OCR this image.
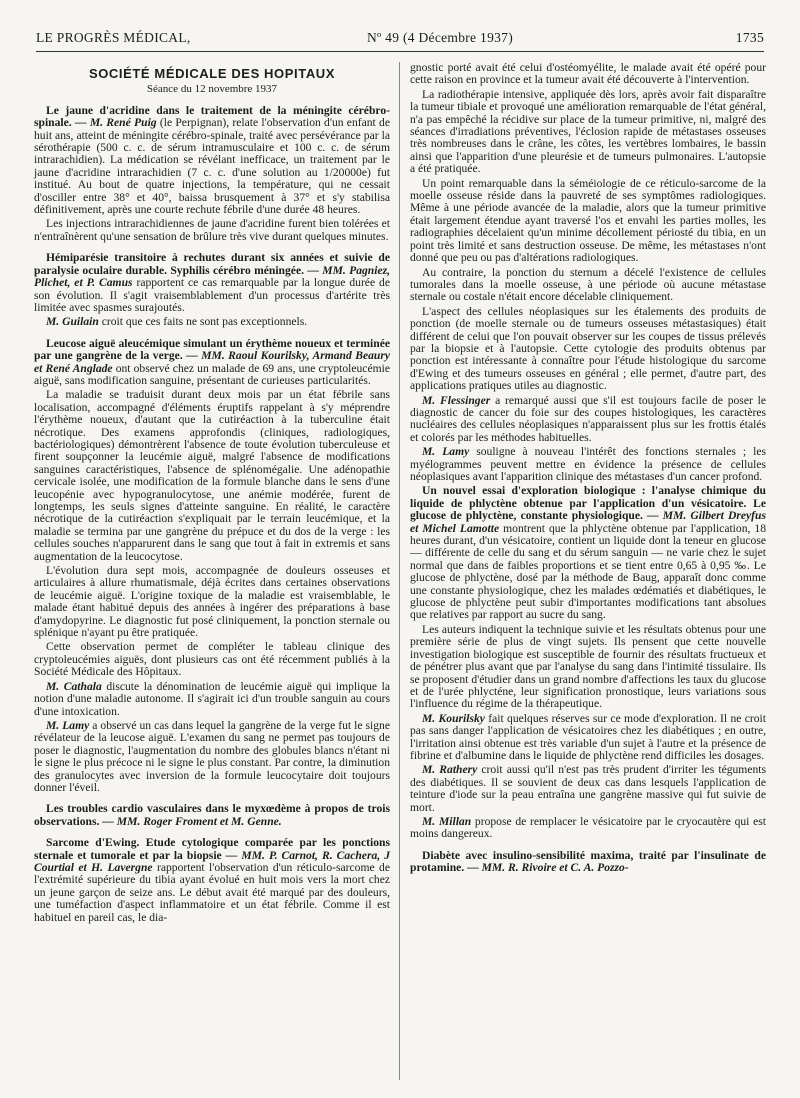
LE PROGRÈS MÉDICAL,	Nº 49 (4 Décembre 1937)	1735
SOCIÉTÉ MÉDICALE DES HOPITAUX
Séance du 12 novembre 1937

Le jaune d'acridine dans le traitement de la méningite cérébro-spinale. — M. René Puig (le Perpignan), relate l'observation d'un enfant de huit ans, atteint de méningite cérébro-spinale, traité avec persévérance par la sérothérapie (500 c. c. de sérum intramusculaire et 100 c. c. de sérum intrarachidien). La médication se révélant inefficace, un traitement par le jaune d'acridine intrarachidien (7 c. c. d'une solution au 1/20000e) fut institué. Au bout de quatre injections, la température, qui ne cessait d'osciller entre 38° et 40°, baissa brusquement à 37° et s'y stabilisa définitivement, après une courte rechute fébrile d'une durée 48 heures.

Les injections intrarachidiennes de jaune d'acridine furent bien tolérées et n'entraînèrent qu'une sensation de brûlure très vive durant quelques minutes.

Hémiparésie transitoire à rechutes durant six années et suivie de paralysie oculaire durable. Syphilis cérébro méningée. — MM. Pagniez, Plichet, et P. Camus rapportent ce cas remarquable par la longue durée de son évolution. Il s'agit vraisemblablement d'un processus d'artérite très limitée avec spasmes surajoutés.

M. Guilain croit que ces faits ne sont pas exceptionnels.

Leucose aiguë aleucémique simulant un érythème noueux et terminée par une gangrène de la verge. — MM. Raoul Kourilsky, Armand Beaury et René Anglade ont observé chez un malade de 69 ans, une cryptoleucémie aiguë, sans modification sanguine, présentant de curieuses particularités.

La maladie se traduisit durant deux mois par un état fébrile sans localisation, accompagné d'éléments éruptifs rappelant à s'y méprendre l'érythème noueux, d'autant que la cutiréaction à la tuberculine était nécrotique. Des examens approfondis (cliniques, radiologiques, bactériologiques) démontrèrent l'absence de toute évolution tuberculeuse et firent soupçonner la leucémie aiguë, malgré l'absence de modifications sanguines caractéristiques, l'absence de splénomégalie. Une adénopathie cervicale isolée, une modification de la formule blanche dans le sens d'une leucopénie avec hypogranulocytose, une anémie modérée, furent de longtemps, les seuls signes d'atteinte sanguine. En réalité, le caractère nécrotique de la cutiréaction s'expliquait par le terrain leucémique, et la maladie se termina par une gangrène du prépuce et du dos de la verge : les cellules souches n'apparurent dans le sang que tout à fait in extremis et sans augmentation de la leucocytose.

L'évolution dura sept mois, accompagnée de douleurs osseuses et articulaires à allure rhumatismale, déjà écrites dans certaines observations de leucémie aiguë. L'origine toxique de la maladie est vraisemblable, le malade étant habitué depuis des années à ingérer des préparations à base d'amydopyrine. Le diagnostic fut posé cliniquement, la ponction sternale ou splénique n'ayant pu être pratiquée.

Cette observation permet de compléter le tableau clinique des cryptoleucémies aiguës, dont plusieurs cas ont été récemment publiés à la Société Médicale des Hôpitaux.

M. Cathala discute la dénomination de leucémie aiguë qui implique la notion d'une maladie autonome. Il s'agirait ici d'un trouble sanguin au cours d'une intoxication.

M. Lamy a observé un cas dans lequel la gangrène de la verge fut le signe révélateur de la leucose aiguë. L'examen du sang ne permet pas toujours de poser le diagnostic, l'augmentation du nombre des globules blancs n'étant ni le signe le plus précoce ni le signe le plus constant. Par contre, la diminution des granulocytes avec inversion de la formule leucocytaire doit toujours donner l'éveil.

Les troubles cardio vasculaires dans le myxœdème à propos de trois observations. — MM. Roger Froment et M. Genne.

Sarcome d'Ewing. Etude cytologique comparée par les ponctions sternale et tumorale et par la biopsie — MM. P. Carnot, R. Cachera, J Courtial et H. Lavergne rapportent l'observation d'un réticulo-sarcome de l'extrémité supérieure du tibia ayant évolué en huit mois vers la mort chez un jeune garçon de seize ans. Le début avait été marqué par des douleurs, une tuméfaction d'aspect inflammatoire et un état fébrile. Comme il est habituel en pareil cas, le dia-

gnostic porté avait été celui d'ostéomyélite, le malade avait été opéré pour cette raison en province et la tumeur avait été découverte à l'intervention.

La radiothérapie intensive, appliquée dès lors, après avoir fait disparaître la tumeur tibiale et provoqué une amélioration remarquable de l'état général, n'a pas empêché la récidive sur place de la tumeur primitive, ni, malgré des séances d'irradiations préventives, l'éclosion rapide de métastases osseuses très nombreuses dans le crâne, les côtes, les vertèbres lombaires, le bassin ainsi que l'apparition d'une pleurésie et de tumeurs pulmonaires. L'autopsie a été pratiquée.

Un point remarquable dans la séméiologie de ce réticulo-sarcome de la moelle osseuse réside dans la pauvreté de ses symptômes radiologiques. Même à une période avancée de la maladie, alors que la tumeur primitive était largement étendue ayant traversé l'os et envahi les parties molles, les radiographies décelaient qu'un minime décollement périosté du tibia, en un point très limité et sans destruction osseuse. De même, les métastases n'ont donné que peu ou pas d'altérations radiologiques.

Au contraire, la ponction du sternum a décelé l'existence de cellules tumorales dans la moelle osseuse, à une période où aucune métastase sternale ou costale n'était encore décelable cliniquement.

L'aspect des cellules néoplasiques sur les étalements des produits de ponction (de moelle sternale ou de tumeurs osseuses métastasiques) était différent de celui que l'on pouvait observer sur les coupes de tissus prélevés par la biopsie et à l'autopsie. Cette cytologie des produits obtenus par ponction est intéressante à connaître pour l'étude histologique du sarcome d'Ewing et des tumeurs osseuses en général ; elle permet, d'autre part, des applications pratiques utiles au diagnostic.

M. Flessinger a remarqué aussi que s'il est toujours facile de poser le diagnostic de cancer du foie sur des coupes histologiques, les caractères nucléaires des cellules néoplasiques n'apparaissent plus sur les frottis étalés et colorés par les méthodes habituelles.

M. Lamy souligne à nouveau l'intérêt des fonctions sternales ; les myélogrammes peuvent mettre en évidence la présence de cellules néoplasiques avant l'apparition clinique des métastases d'un cancer profond.

Un nouvel essai d'exploration biologique : l'analyse chimique du liquide de phlyctène obtenue par l'application d'un vésicatoire. Le glucose de phlyctène, constante physiologique. — MM. Gilbert Dreyfus et Michel Lamotte montrent que la phlyctène obtenue par l'application, 18 heures durant, d'un vésicatoire, contient un liquide dont la teneur en glucose — différente de celle du sang et du sérum sanguin — ne varie chez le sujet normal que dans de faibles proportions et se tient entre 0,65 à 0,95 ‰. Le glucose de phlyctène, dosé par la méthode de Baug, apparaît donc comme une constante physiologique, chez les malades œdématiés et diabétiques, le glucose de phlyctène peut subir d'importantes modifications tant absolues que relatives par rapport au sucre du sang.

Les auteurs indiquent la technique suivie et les résultats obtenus pour une première série de plus de vingt sujets. Ils pensent que cette nouvelle investigation biologique est susceptible de fournir des résultats fructueux et de pénétrer plus avant que par l'analyse du sang dans l'intimité tissulaire. Ils se proposent d'étudier dans un grand nombre d'affections les taux du glucose et de l'urée phlycténe, leur signification pronostique, leurs variations sous l'influence du régime de la thérapeutique.

M. Kourilsky fait quelques réserves sur ce mode d'exploration. Il ne croit pas sans danger l'application de vésicatoires chez les diabétiques ; en outre, l'irritation ainsi obtenue est très variable d'un sujet à l'autre et la présence de fibrine et d'albumine dans le liquide de phlyctène rend difficiles les dosages.

M. Rathery croit aussi qu'il n'est pas très prudent d'irriter les téguments des diabétiques. Il se souvient de deux cas dans lesquels l'application de teinture d'iode sur la peau entraîna une gangrène massive qui fut suivie de mort.

M. Millan propose de remplacer le vésicatoire par le cryocautère qui est moins dangereux.

Diabète avec insulino-sensibilité maxima, traité par l'insulinate de protamine. — MM. R. Rivoire et C. A. Pozzo-
